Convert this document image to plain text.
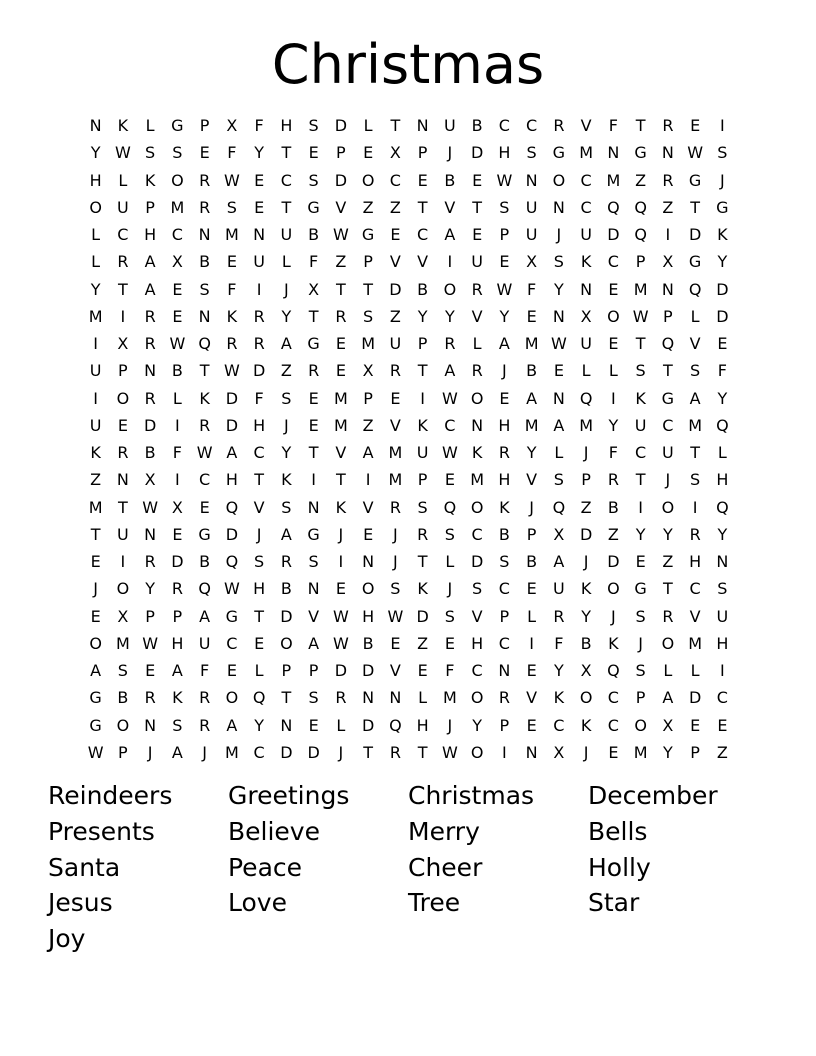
Christmas
N	K	L	G	P	X	F	H	S	D	L	T	N U B	C	C	R	V	F	T	R	E	I
Y W S	S	E	F	Y	T	E	P	E	X	P	J	D H	S G M N G N W S
H	L	K O R W E	C	S	D O C	E	B	E W N O C M Z	R G	J
O U	P M R	S	E	T	G V	Z	Z	T	V	T	S	U N C Q Q Z	T	G
L	C H C N M N U B W G E	C	A	E	P	U	J	U D Q	I	D K
L	R	A	X	B	E	U	L	F	Z	P	V	V	I	U	E	X	S	K	C	P	X G	Y
Y	T	A	E	S	F	I	J	X	T	T	D B O R W F	Y	N	E M N Q D
M	I	R	E	N	K	R	Y	T	R	S	Z	Y	Y	V	Y	E	N X O W P	L	D
I	X	R W Q R	R	A G E M U	P	R	L	A M W U	E	T	Q V	E
U	P	N B	T W D Z	R	E	X	R	T	A	R	J	B	E	L	L	S	T	S	F
I	O R	L	K D	F	S	E M P	E	I	W O E	A N Q	I	K G A	Y
U	E	D	I	R D H	J	E M Z	V	K	C N H M A M Y	U C M Q
K	R	B	F W A	C	Y	T	V	A M U W K	R	Y	L	J	F	C U	T	L
Z N X	I	C H	T	K	I	T	I	M P	E M H V	S	P	R	T	J	S	H
M T W X	E Q V	S	N	K	V	R	S Q O K	J	Q Z	B	I	O	I	Q
T	U N	E	G D	J	A G	J	E	J	R	S	C	B	P	X D Z	Y	Y	R	Y
E	I	R D B Q S	R	S	I	N	J	T	L	D	S	B	A	J	D	E	Z H N
J	O	Y	R Q W H B N	E O S	K	J	S	C	E	U	K O G	T	C	S
E	X	P	P	A G	T	D V W H W D	S	V	P	L	R	Y	J	S	R	V U
O M W H U C	E O A W B	E	Z	E	H C	I	F	B	K	J	O M H
A	S	E	A	F	E	L	P	P	D D V	E	F	C N	E	Y	X Q S	L	L	I
G B	R	K	R O Q	T	S	R N N	L M O R	V	K O C	P	A D C
G O N	S	R	A	Y	N	E	L	D Q H	J	Y	P	E	C	K	C O X	E	E
W P	J	A	J	M C D D	J	T	R	T W O	I	N X	J	E M Y	P	Z
Reindeers	Greetings	Christmas	December
Presents	Believe	Merry	Bells
Santa	Peace	Cheer	Holly
Jesus	Love	Tree	Star
Joy
